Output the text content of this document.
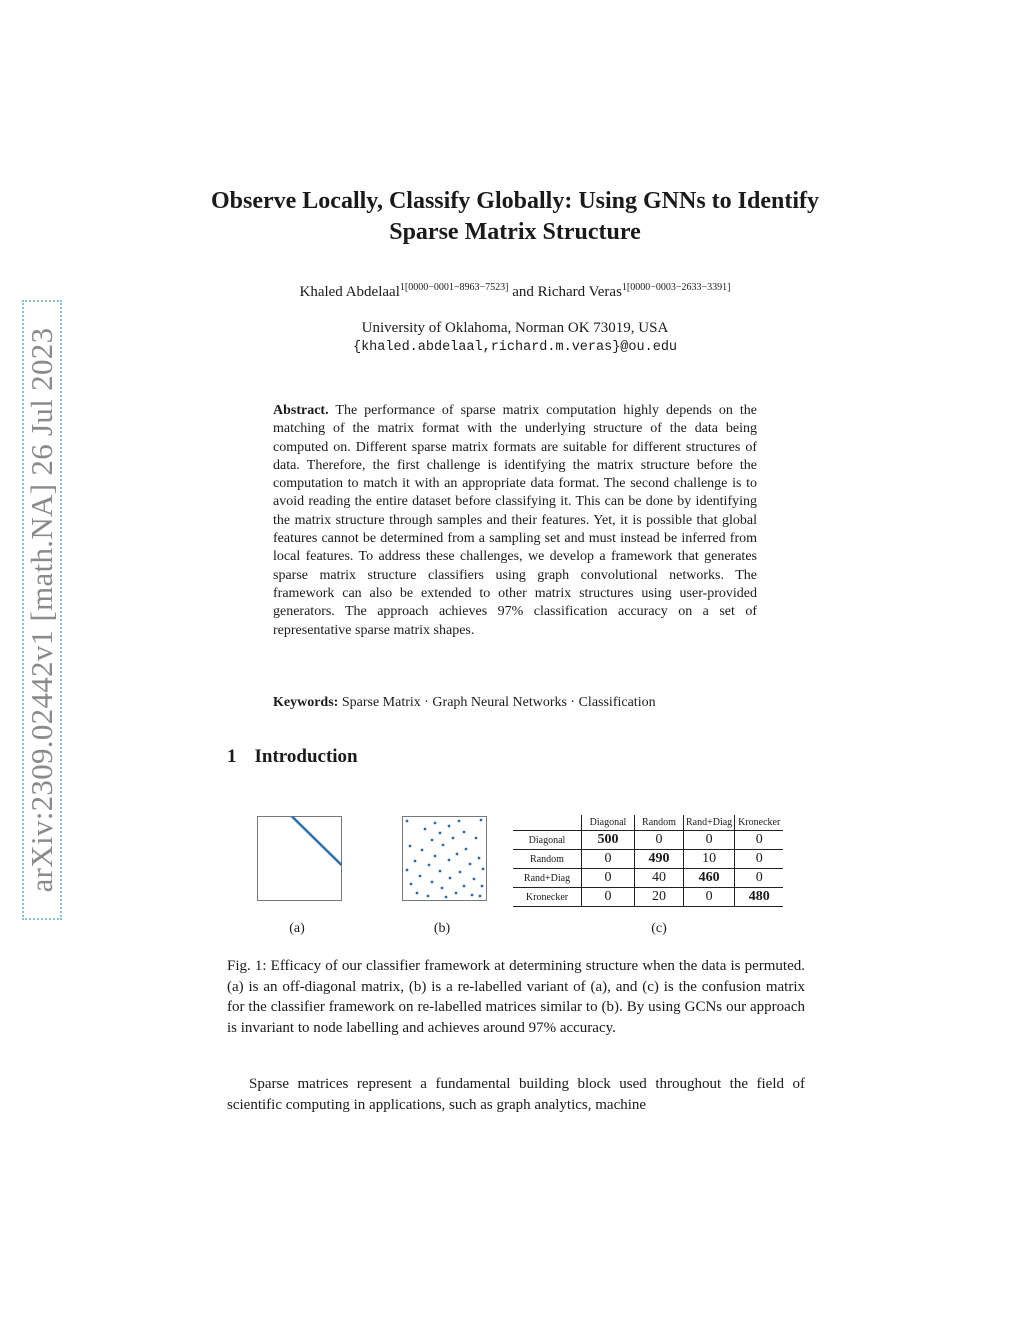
arXiv:2309.02442v1 [math.NA] 26 Jul 2023
Observe Locally, Classify Globally: Using GNNs to Identify Sparse Matrix Structure
Khaled Abdelaal$^{1[0000-0001-8963-7523]}$ and Richard Veras$^{1[0000-0003-2633-3391]}$
University of Oklahoma, Norman OK 73019, USA
{khaled.abdelaal,richard.m.veras}@ou.edu
Abstract. The performance of sparse matrix computation highly depends on the matching of the matrix format with the underlying structure of the data being computed on. Different sparse matrix formats are suitable for different structures of data. Therefore, the first challenge is identifying the matrix structure before the computation to match it with an appropriate data format. The second challenge is to avoid reading the entire dataset before classifying it. This can be done by identifying the matrix structure through samples and their features. Yet, it is possible that global features cannot be determined from a sampling set and must instead be inferred from local features. To address these challenges, we develop a framework that generates sparse matrix structure classifiers using graph convolutional networks. The framework can also be extended to other matrix structures using user-provided generators. The approach achieves 97% classification accuracy on a set of representative sparse matrix shapes.
Keywords: Sparse Matrix · Graph Neural Networks · Classification
1 Introduction
(a)	(b)	(c)
	Diagonal	Random	Rand+Diag	Kronecker
Diagonal	500	0	0	0
Random	0	490	10	0
Rand+Diag	0	40	460	0
Kronecker	0	20	0	480
Fig. 1: Efficacy of our classifier framework at determining structure when the data is permuted. (a) is an off-diagonal matrix, (b) is a re-labelled variant of (a), and (c) is the confusion matrix for the classifier framework on re-labelled matrices similar to (b). By using GCNs our approach is invariant to node labelling and achieves around 97% accuracy.
Sparse matrices represent a fundamental building block used throughout the field of scientific computing in applications, such as graph analytics, machine
